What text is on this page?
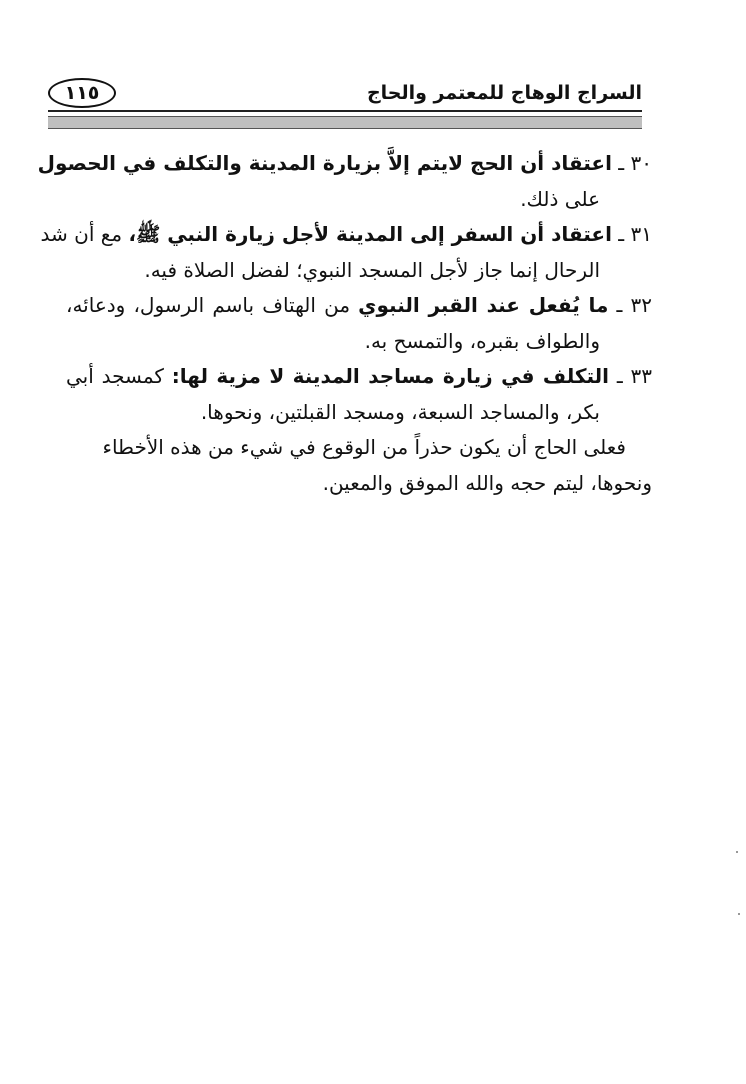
١١٥	السراج الوهاج للمعتمر والحاج
٣٠ ـ اعتقاد أن الحج لايتم إلاَّ بزيارة المدينة والتكلف في الحصول
على ذلك.
٣١ ـ اعتقاد أن السفر إلى المدينة لأجل زيارة النبي ﷺ، مع أن شد
الرحال إنما جاز لأجل المسجد النبوي؛ لفضل الصلاة فيه.
٣٢ ـ ما يُفعل عند القبر النبوي من الهتاف باسم الرسول، ودعائه،
والطواف بقبره، والتمسح به.
٣٣ ـ التكلف في زيارة مساجد المدينة لا مزية لها: كمسجد أبي
بكر، والمساجد السبعة، ومسجد القبلتين، ونحوها.
فعلى الحاج أن يكون حذراً من الوقوع في شيء من هذه الأخطاء
ونحوها، ليتم حجه والله الموفق والمعين.
